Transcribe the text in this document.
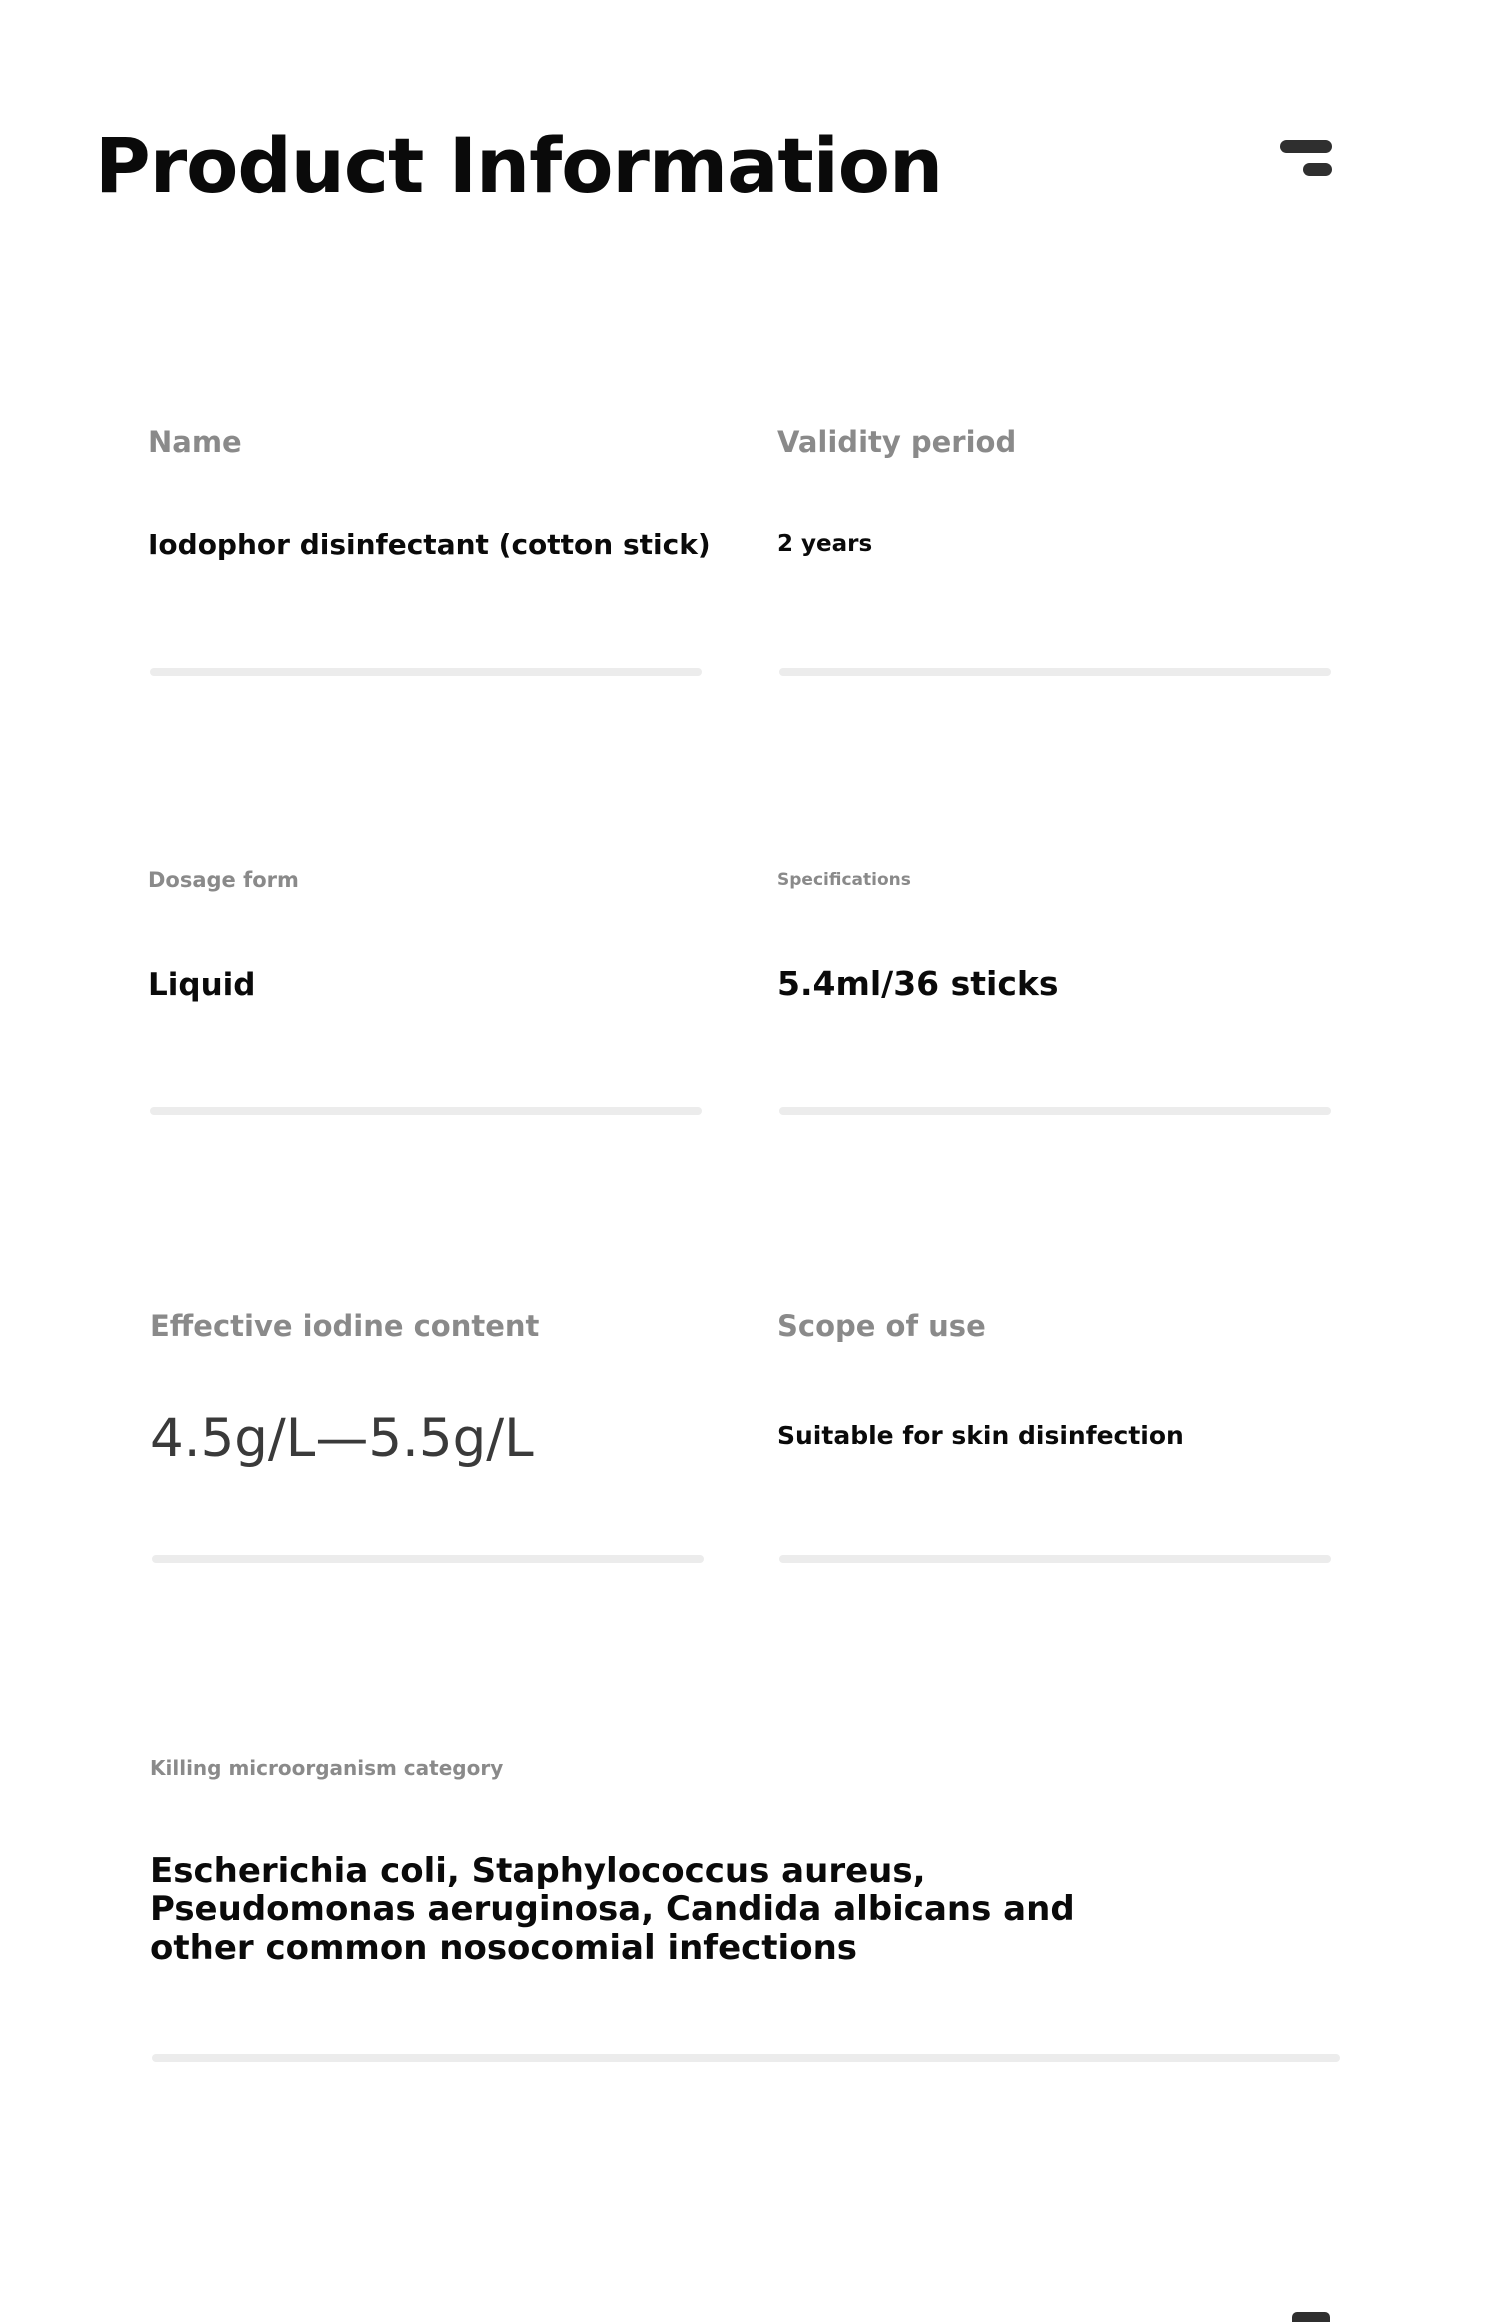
Product Information
Name
Iodophor disinfectant (cotton stick)
Validity period
2 years
Dosage form
Liquid
Specifications
5.4ml/36 sticks
Effective iodine content
4.5g/L—5.5g/L
Scope of use
Suitable for skin disinfection
Killing microorganism category
Escherichia coli, Staphylococcus aureus, Pseudomonas aeruginosa, Candida albicans and other common nosocomial infections
